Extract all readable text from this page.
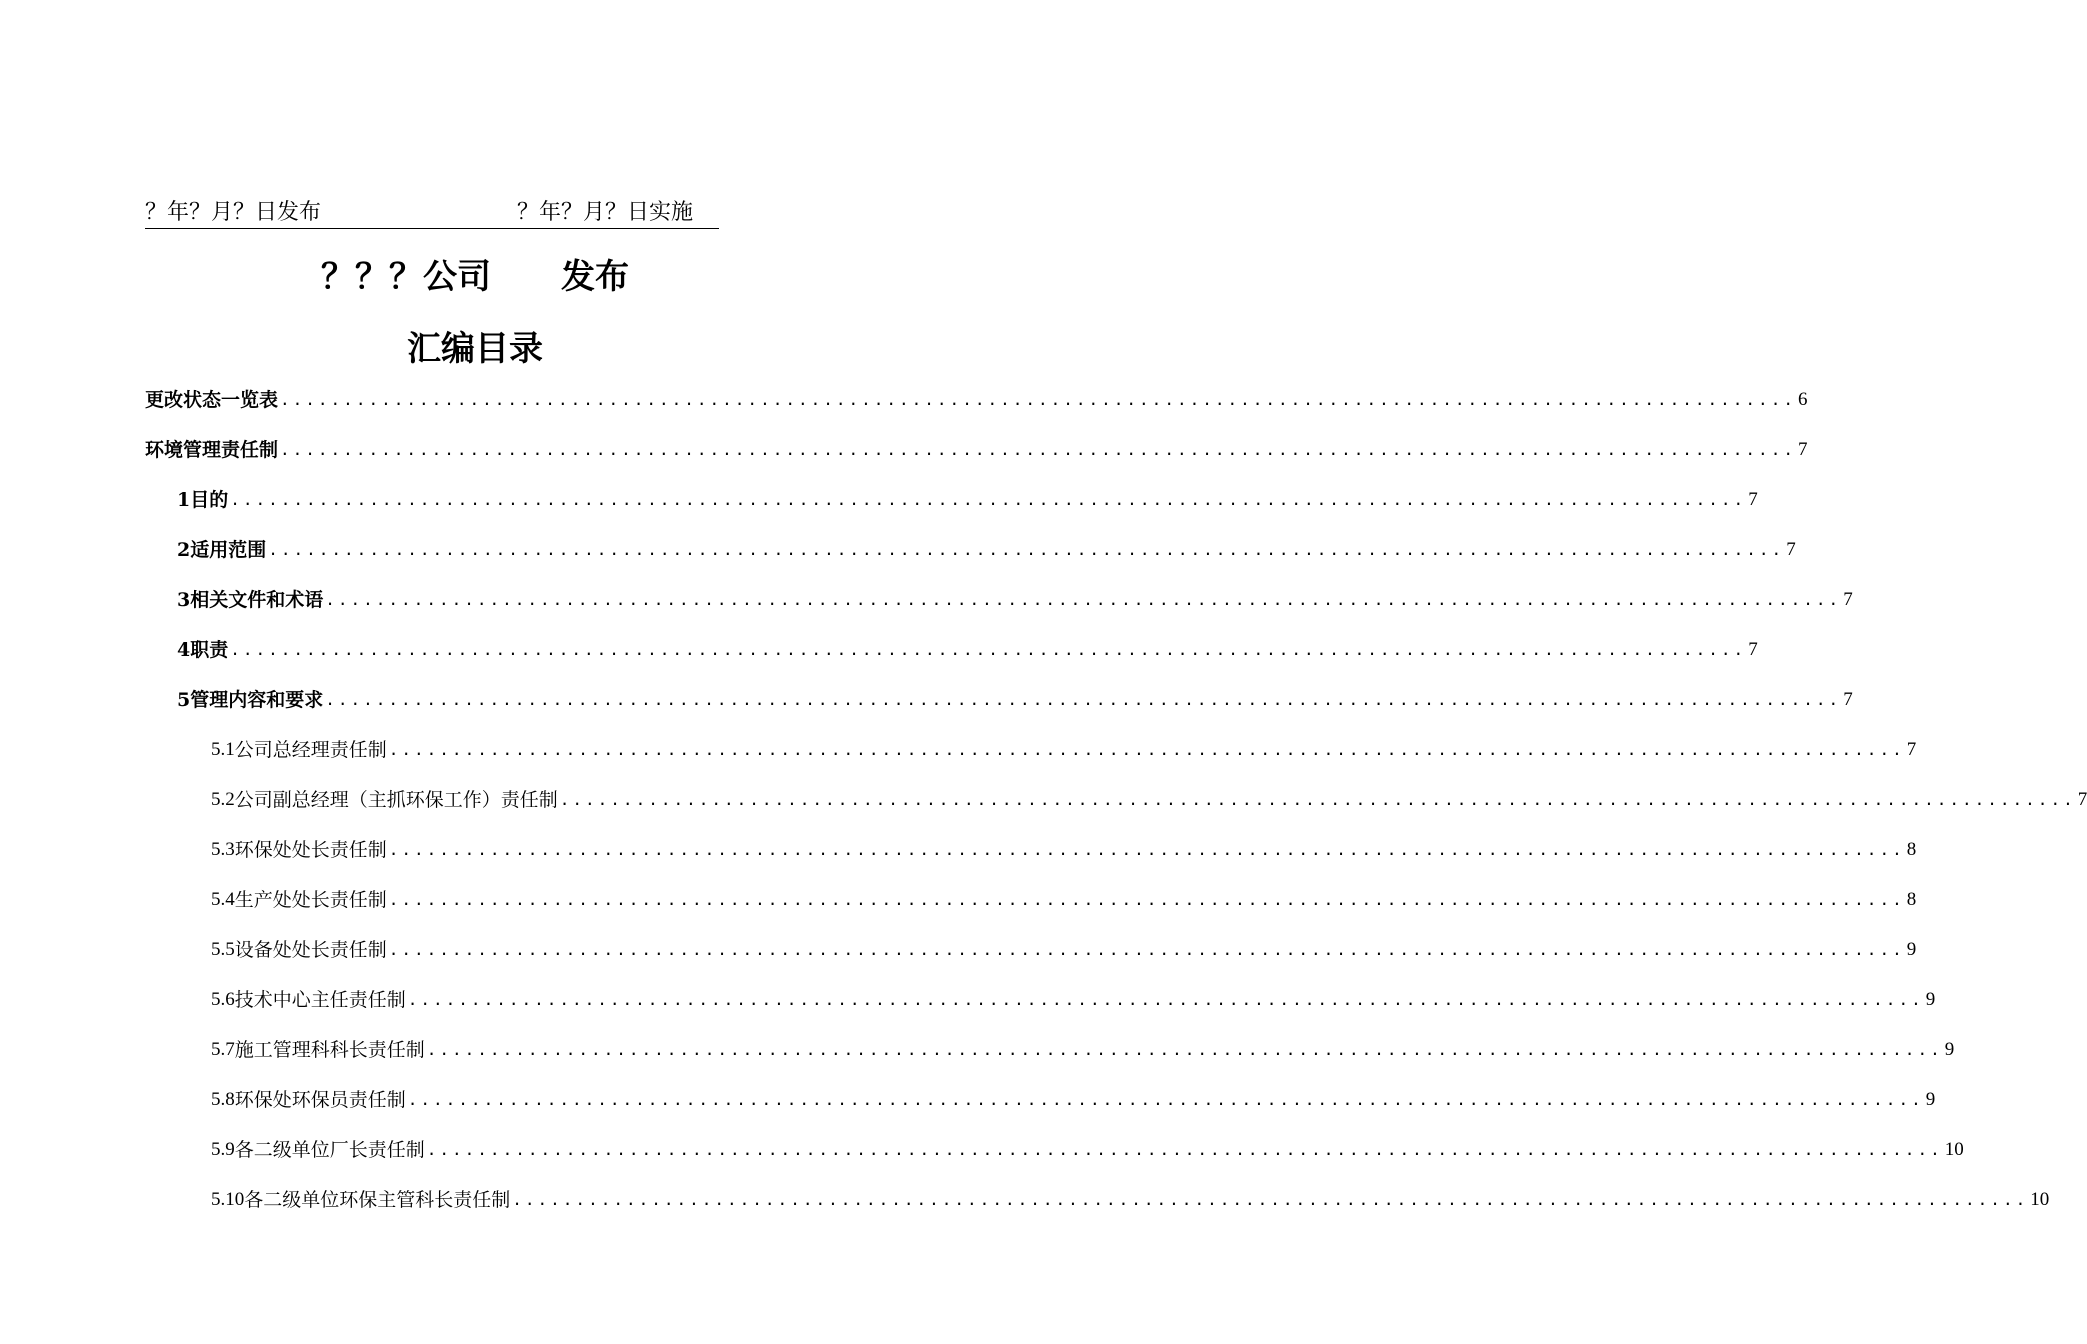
？年？月？日发布	？年？月？日实施
？？？公司 发布
汇编目录
更改状态一览表 ........................................................................................................................ 6
环境管理责任制 ........................................................................................................................ 7
1 目的 ........................................................................................................................ 7
2 适用范围 ........................................................................................................................ 7
3 相关文件和术语 ........................................................................................................................ 7
4 职责 ........................................................................................................................ 7
5 管理内容和要求 ........................................................................................................................ 7
5.1 公司总经理责任制 ........................................................................................................................ 7
5.2 公司副总经理（主抓环保工作）责任制 ........................................................................................................................ 7
5.3 环保处处长责任制 ........................................................................................................................ 8
5.4 生产处处长责任制 ........................................................................................................................ 8
5.5 设备处处长责任制 ........................................................................................................................ 9
5.6 技术中心主任责任制 ........................................................................................................................ 9
5.7 施工管理科科长责任制 ........................................................................................................................ 9
5.8 环保处环保员责任制 ........................................................................................................................ 9
5.9 各二级单位厂长责任制 ........................................................................................................................ 10
5.10 各二级单位环保主管科长责任制 ........................................................................................................................ 10
